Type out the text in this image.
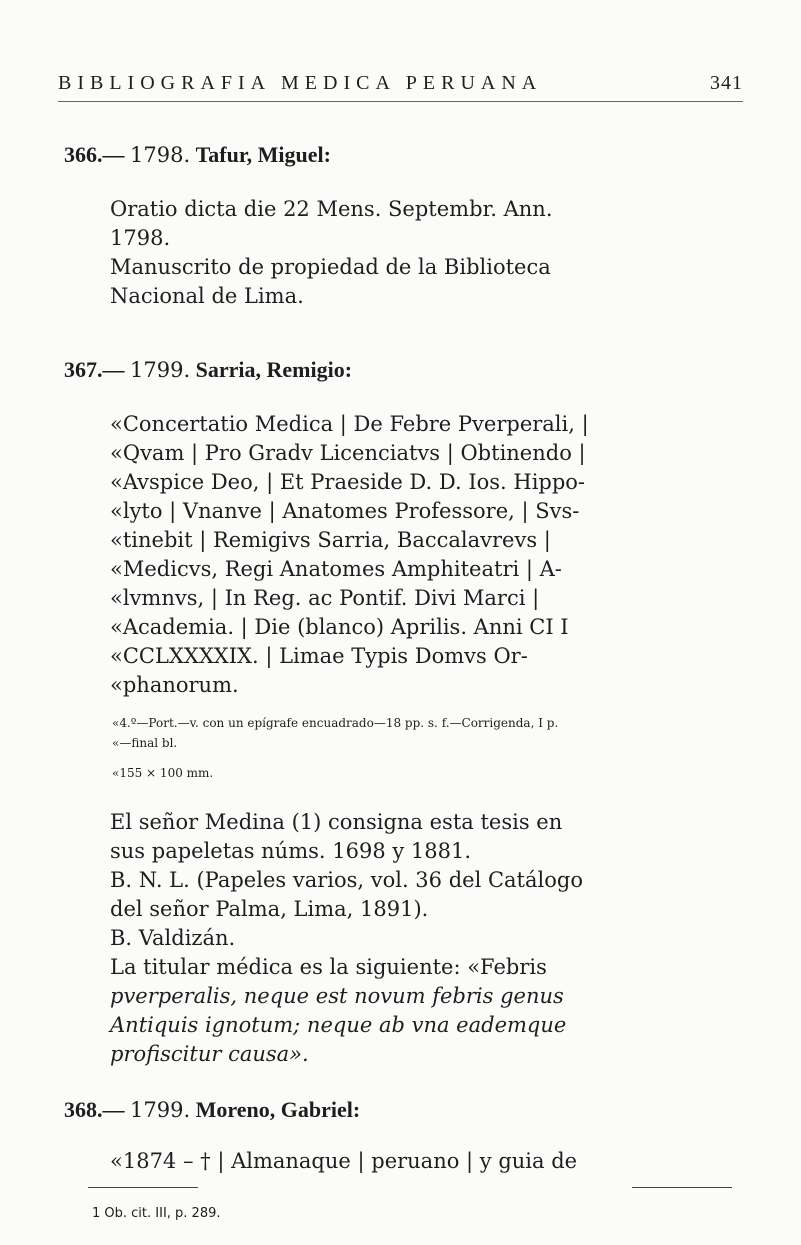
BIBLIOGRAFIA MEDICA PERUANA	341
366.— 1798. Tafur, Miguel:
Oratio dicta die 22 Mens. Septembr. Ann.
1798.
Manuscrito de propiedad de la Biblioteca
Nacional de Lima.
367.— 1799. Sarria, Remigio:
«Concertatio Medica | De Febre Pverperali, |
«Qvam | Pro Gradv Licenciatvs | Obtinendo |
«Avspice Deo, | Et Praeside D. D. Ios. Hippo-
«lyto | Vnanve | Anatomes Professore, | Svs-
«tinebit | Remigivs Sarria, Baccalavrevs |
«Medicvs, Regi Anatomes Amphiteatri | A-
«lvmnvs, | In Reg. ac Pontif. Divi Marci |
«Academia. | Die (blanco) Aprilis. Anni CI I
«CCLXXXXIX. | Limae Typis Domvs Or-
«phanorum.
«4.º—Port.—v. con un epígrafe encuadrado—18 pp. s. f.—Corrigenda, I p.
«—final bl.
«155 × 100 mm.
El señor Medina (1) consigna esta tesis en
sus papeletas núms. 1698 y 1881.
B. N. L. (Papeles varios, vol. 36 del Catálogo
del señor Palma, Lima, 1891).
B. Valdizán.
La titular médica es la siguiente: «Febris
pverperalis, neque est novum febris genus
Antiquis ignotum; neque ab vna eademque
profiscitur causa».
368.— 1799. Moreno, Gabriel:
«1874 – † | Almanaque | peruano | y guia de
1 Ob. cit. III, p. 289.
